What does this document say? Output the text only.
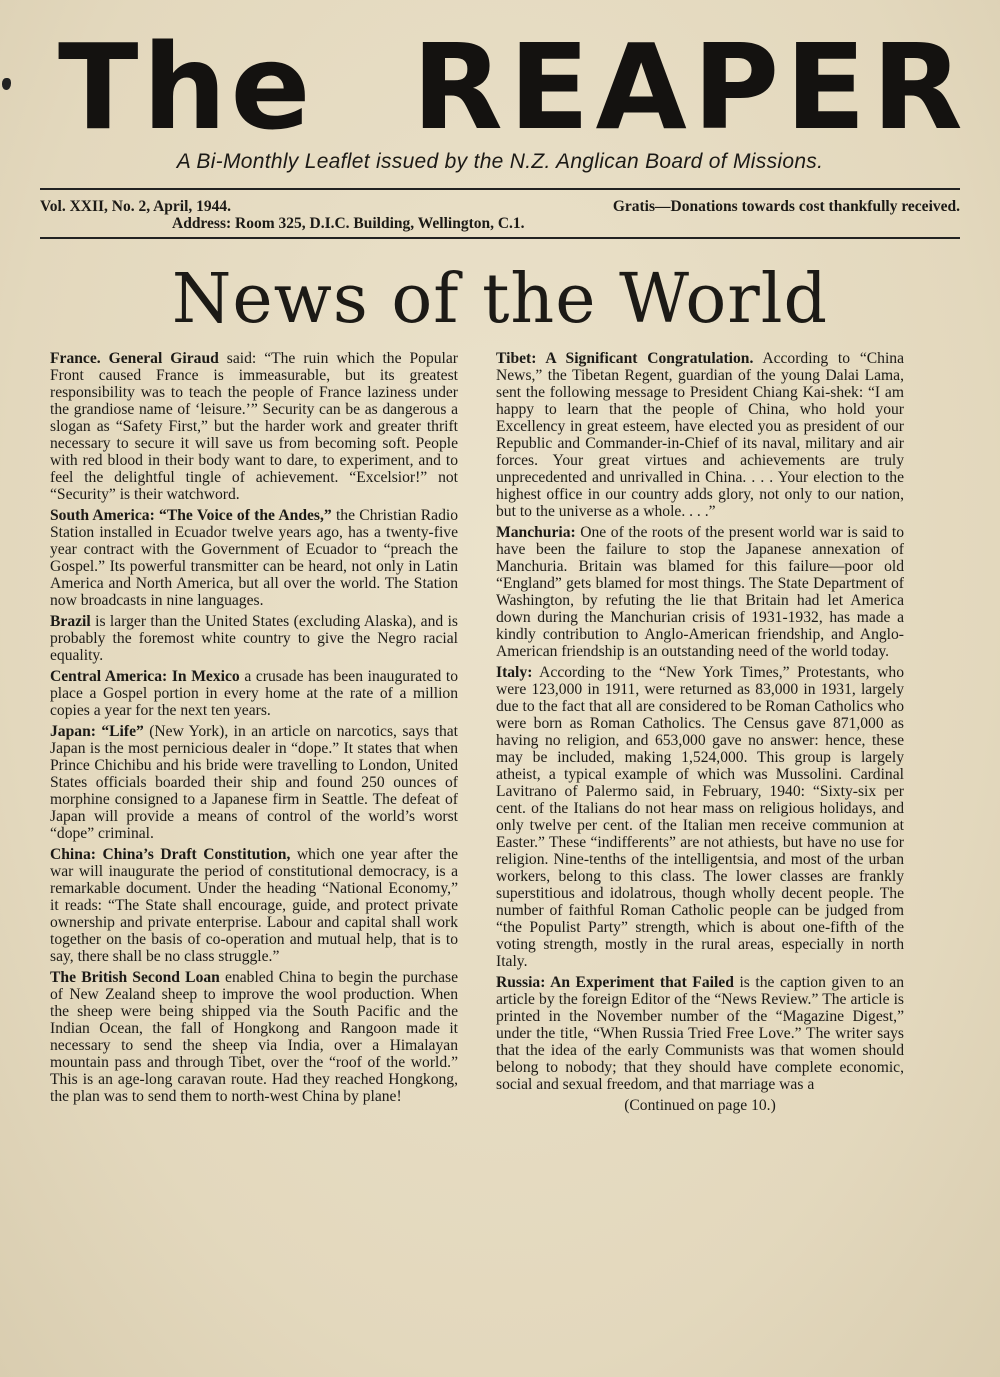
The REAPER
A Bi-Monthly Leaflet issued by the N.Z. Anglican Board of Missions.
Vol. XXII, No. 2, April, 1944.	Gratis—Donations towards cost thankfully received.
Address: Room 325, D.I.C. Building, Wellington, C.1.
News of the World

France. General Giraud said: “The ruin which the Popular Front caused France is immeasurable, but its greatest responsibility was to teach the people of France laziness under the grandiose name of ‘leisure.’” Security can be as dangerous a slogan as “Safety First,” but the harder work and greater thrift necessary to secure it will save us from becoming soft. People with red blood in their body want to dare, to experiment, and to feel the delightful tingle of achievement. “Excelsior!” not “Security” is their watchword.

South America: “The Voice of the Andes,” the Christian Radio Station installed in Ecuador twelve years ago, has a twenty-five year contract with the Government of Ecuador to “preach the Gospel.” Its powerful transmitter can be heard, not only in Latin America and North America, but all over the world. The Station now broadcasts in nine languages.

Brazil is larger than the United States (excluding Alaska), and is probably the foremost white country to give the Negro racial equality.

Central America: In Mexico a crusade has been inaugurated to place a Gospel portion in every home at the rate of a million copies a year for the next ten years.

Japan: “Life” (New York), in an article on narcotics, says that Japan is the most pernicious dealer in “dope.” It states that when Prince Chichibu and his bride were travelling to London, United States officials boarded their ship and found 250 ounces of morphine consigned to a Japanese firm in Seattle. The defeat of Japan will provide a means of control of the world’s worst “dope” criminal.

China: China’s Draft Constitution, which one year after the war will inaugurate the period of constitutional democracy, is a remarkable document. Under the heading “National Economy,” it reads: “The State shall encourage, guide, and protect private ownership and private enterprise. Labour and capital shall work together on the basis of co-operation and mutual help, that is to say, there shall be no class struggle.”

The British Second Loan enabled China to begin the purchase of New Zealand sheep to improve the wool production. When the sheep were being shipped via the South Pacific and the Indian Ocean, the fall of Hongkong and Rangoon made it necessary to send the sheep via India, over a Himalayan mountain pass and through Tibet, over the “roof of the world.” This is an age-long caravan route. Had they reached Hongkong, the plan was to send them to north-west China by plane!

Tibet: A Significant Congratulation. According to “China News,” the Tibetan Regent, guardian of the young Dalai Lama, sent the following message to President Chiang Kai-shek: “I am happy to learn that the people of China, who hold your Excellency in great esteem, have elected you as president of our Republic and Commander-in-Chief of its naval, military and air forces. Your great virtues and achievements are truly unprecedented and unrivalled in China. . . . Your election to the highest office in our country adds glory, not only to our nation, but to the universe as a whole. . . .”

Manchuria: One of the roots of the present world war is said to have been the failure to stop the Japanese annexation of Manchuria. Britain was blamed for this failure—poor old “England” gets blamed for most things. The State Department of Washington, by refuting the lie that Britain had let America down during the Manchurian crisis of 1931-1932, has made a kindly contribution to Anglo-American friendship, and Anglo-American friendship is an outstanding need of the world today.

Italy: According to the “New York Times,” Protestants, who were 123,000 in 1911, were returned as 83,000 in 1931, largely due to the fact that all are considered to be Roman Catholics who were born as Roman Catholics. The Census gave 871,000 as having no religion, and 653,000 gave no answer: hence, these may be included, making 1,524,000. This group is largely atheist, a typical example of which was Mussolini. Cardinal Lavitrano of Palermo said, in February, 1940: “Sixty-six per cent. of the Italians do not hear mass on religious holidays, and only twelve per cent. of the Italian men receive communion at Easter.” These “indifferents” are not athiests, but have no use for religion. Nine-tenths of the intelligentsia, and most of the urban workers, belong to this class. The lower classes are frankly superstitious and idolatrous, though wholly decent people. The number of faithful Roman Catholic people can be judged from “the Populist Party” strength, which is about one-fifth of the voting strength, mostly in the rural areas, especially in north Italy.

Russia: An Experiment that Failed is the caption given to an article by the foreign Editor of the “News Review.” The article is printed in the November number of the “Magazine Digest,” under the title, “When Russia Tried Free Love.” The writer says that the idea of the early Communists was that women should belong to nobody; that they should have complete economic, social and sexual freedom, and that marriage was a

(Continued on page 10.)
